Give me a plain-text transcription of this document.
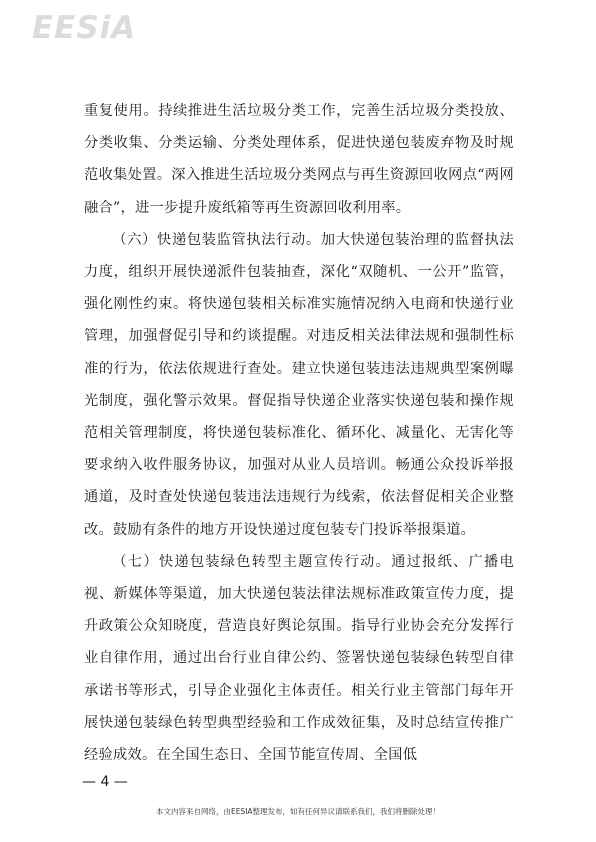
EESiA

重复使用。持续推进生活垃圾分类工作，完善生活垃圾分类投放、分类收集、分类运输、分类处理体系，促进快递包装废弃物及时规范收集处置。深入推进生活垃圾分类网点与再生资源回收网点“两网融合”，进一步提升废纸箱等再生资源回收利用率。

（六）快递包装监管执法行动。加大快递包装治理的监督执法力度，组织开展快递派件包装抽查，深化“双随机、一公开”监管，强化刚性约束。将快递包装相关标准实施情况纳入电商和快递行业管理，加强督促引导和约谈提醒。对违反相关法律法规和强制性标准的行为，依法依规进行查处。建立快递包装违法违规典型案例曝光制度，强化警示效果。督促指导快递企业落实快递包装和操作规范相关管理制度，将快递包装标准化、循环化、减量化、无害化等要求纳入收件服务协议，加强对从业人员培训。畅通公众投诉举报通道，及时查处快递包装违法违规行为线索，依法督促相关企业整改。鼓励有条件的地方开设快递过度包装专门投诉举报渠道。

（七）快递包装绿色转型主题宣传行动。通过报纸、广播电视、新媒体等渠道，加大快递包装法律法规标准政策宣传力度，提升政策公众知晓度，营造良好舆论氛围。指导行业协会充分发挥行业自律作用，通过出台行业自律公约、签署快递包装绿色转型自律承诺书等形式，引导企业强化主体责任。相关行业主管部门每年开展快递包装绿色转型典型经验和工作成效征集，及时总结宣传推广经验成效。在全国生态日、全国节能宣传周、全国低

— 4 —
本文内容来自网络，由EESIA整理发布，如有任何异议请联系我们，我们将删除处理！
